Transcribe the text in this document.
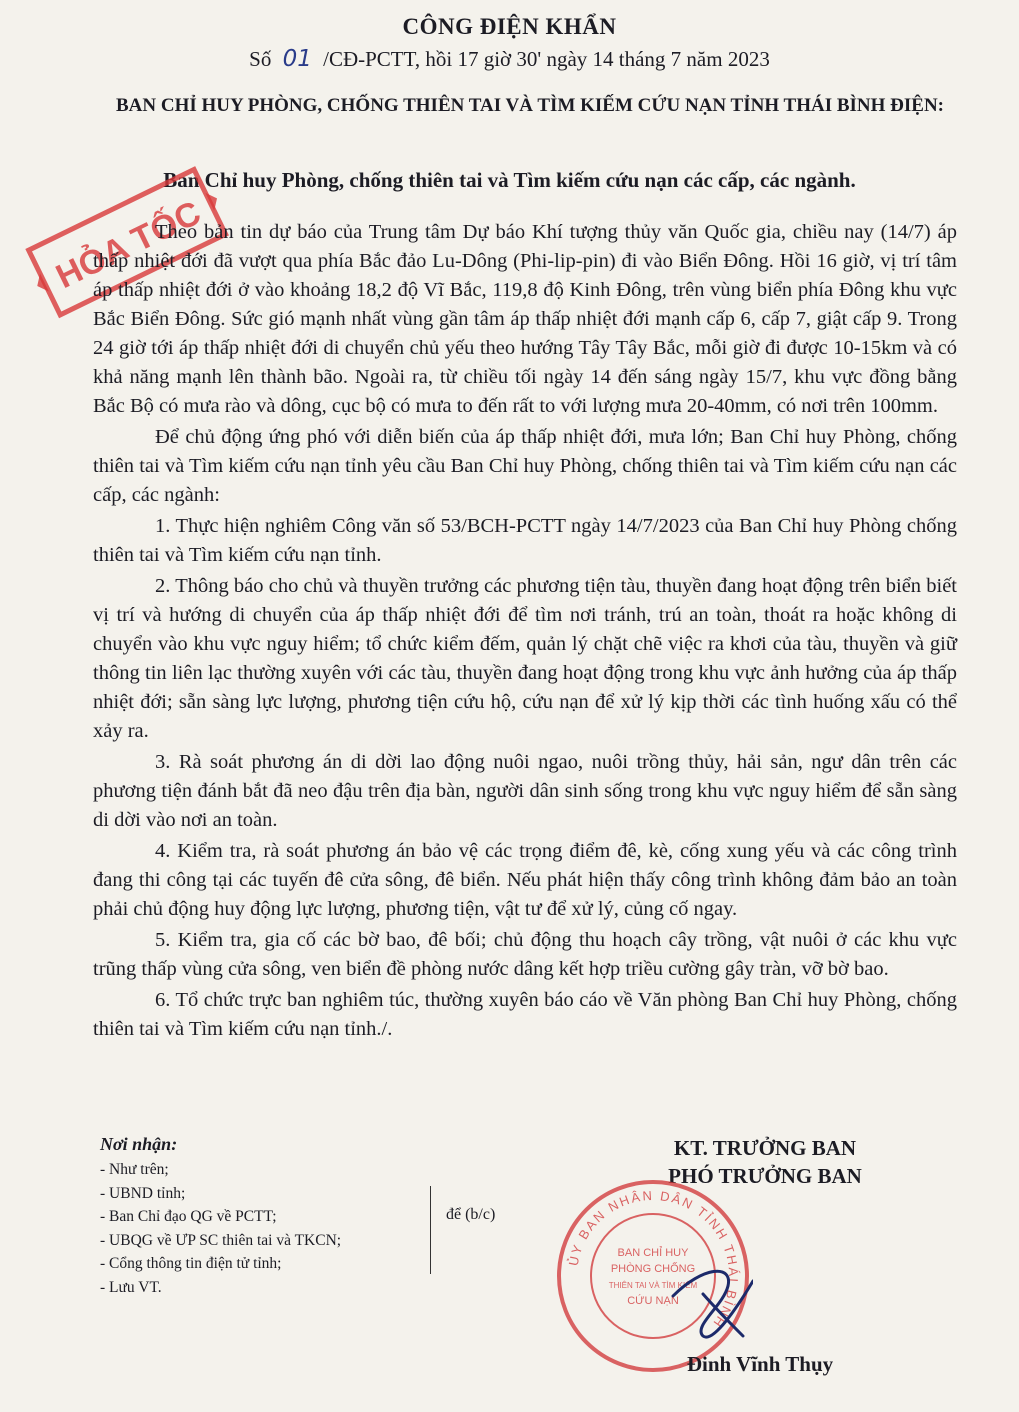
CÔNG ĐIỆN KHẨN
Số 01 /CĐ-PCTT, hồi 17 giờ 30' ngày 14 tháng 7 năm 2023
BAN CHỈ HUY PHÒNG, CHỐNG THIÊN TAI VÀ TÌM KIẾM CỨU NẠN TỈNH THÁI BÌNH ĐIỆN:
Ban Chỉ huy Phòng, chống thiên tai và Tìm kiếm cứu nạn các cấp, các ngành.
HỎA TỐC

Theo bản tin dự báo của Trung tâm Dự báo Khí tượng thủy văn Quốc gia, chiều nay (14/7) áp thấp nhiệt đới đã vượt qua phía Bắc đảo Lu-Dông (Phi-lip-pin) đi vào Biển Đông. Hồi 16 giờ, vị trí tâm áp thấp nhiệt đới ở vào khoảng 18,2 độ Vĩ Bắc, 119,8 độ Kinh Đông, trên vùng biển phía Đông khu vực Bắc Biển Đông. Sức gió mạnh nhất vùng gần tâm áp thấp nhiệt đới mạnh cấp 6, cấp 7, giật cấp 9. Trong 24 giờ tới áp thấp nhiệt đới di chuyển chủ yếu theo hướng Tây Tây Bắc, mỗi giờ đi được 10-15km và có khả năng mạnh lên thành bão. Ngoài ra, từ chiều tối ngày 14 đến sáng ngày 15/7, khu vực đồng bằng Bắc Bộ có mưa rào và dông, cục bộ có mưa to đến rất to với lượng mưa 20-40mm, có nơi trên 100mm.

Để chủ động ứng phó với diễn biến của áp thấp nhiệt đới, mưa lớn; Ban Chỉ huy Phòng, chống thiên tai và Tìm kiếm cứu nạn tỉnh yêu cầu Ban Chỉ huy Phòng, chống thiên tai và Tìm kiếm cứu nạn các cấp, các ngành:

1. Thực hiện nghiêm Công văn số 53/BCH-PCTT ngày 14/7/2023 của Ban Chỉ huy Phòng chống thiên tai và Tìm kiếm cứu nạn tỉnh.

2. Thông báo cho chủ và thuyền trưởng các phương tiện tàu, thuyền đang hoạt động trên biển biết vị trí và hướng di chuyển của áp thấp nhiệt đới để tìm nơi tránh, trú an toàn, thoát ra hoặc không di chuyển vào khu vực nguy hiểm; tổ chức kiểm đếm, quản lý chặt chẽ việc ra khơi của tàu, thuyền và giữ thông tin liên lạc thường xuyên với các tàu, thuyền đang hoạt động trong khu vực ảnh hưởng của áp thấp nhiệt đới; sẵn sàng lực lượng, phương tiện cứu hộ, cứu nạn để xử lý kịp thời các tình huống xấu có thể xảy ra.

3. Rà soát phương án di dời lao động nuôi ngao, nuôi trồng thủy, hải sản, ngư dân trên các phương tiện đánh bắt đã neo đậu trên địa bàn, người dân sinh sống trong khu vực nguy hiểm để sẵn sàng di dời vào nơi an toàn.

4. Kiểm tra, rà soát phương án bảo vệ các trọng điểm đê, kè, cống xung yếu và các công trình đang thi công tại các tuyến đê cửa sông, đê biển. Nếu phát hiện thấy công trình không đảm bảo an toàn phải chủ động huy động lực lượng, phương tiện, vật tư để xử lý, củng cố ngay.

5. Kiểm tra, gia cố các bờ bao, đê bối; chủ động thu hoạch cây trồng, vật nuôi ở các khu vực trũng thấp vùng cửa sông, ven biển đề phòng nước dâng kết hợp triều cường gây tràn, vỡ bờ bao.

6. Tổ chức trực ban nghiêm túc, thường xuyên báo cáo về Văn phòng Ban Chỉ huy Phòng, chống thiên tai và Tìm kiếm cứu nạn tỉnh./.

Nơi nhận:
- Như trên;
- UBND tỉnh;
- Ban Chỉ đạo QG về PCTT;
- UBQG về ƯP SC thiên tai và TKCN;
- Cổng thông tin điện tử tỉnh;
- Lưu VT.
để (b/c)
KT. TRƯỞNG BAN
PHÓ TRƯỞNG BAN
ỦY BAN NHÂN DÂN TỈNH THÁI BÌNH
BAN CHỈ HUY
PHÒNG CHỐNG
THIÊN TAI VÀ TÌM KIẾM
CỨU NẠN
Đinh Vĩnh Thụy
